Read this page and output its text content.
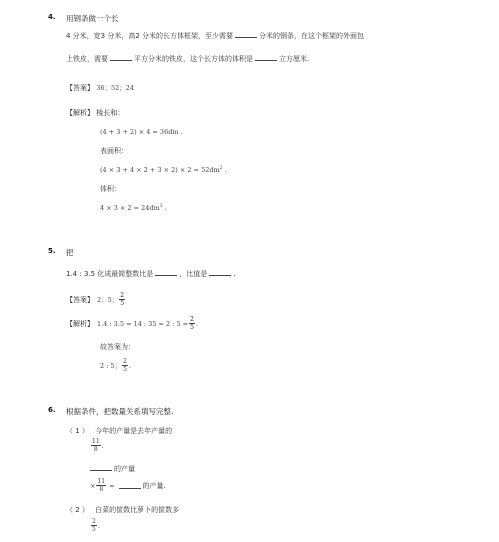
4. 用钢条做一个长
4 分米，宽3 分米，高2 分米的长方体框架，至少需要	分米的钢条，在这个框架的外面包
上铁皮，需要	平方分米的铁皮，这个长方体的体积是	立方厘米.
【答案】 36；52；24
【解析】 棱长和：
(4 + 3 + 2) × 4 = 36dm .
表面积：
$(4 \times 3 + 4 \times 2 + 3 \times 2) \times 2 = 52dm^2$ .
体积：
$4 \times 3 \times 2 = 24dm^3$ .
5. 把
1.4 : 3.5 化成最简整数比是	，比值是	.
【答案】 2：5； $\frac{2}{5}$
【解析】 1.4 : 3.5 = 14 : 35 = 2 : $5 = \frac{2}{5}$ .
故答案为：
2 : 5； $\frac{2}{5}$ .
6. 根据条件，把数量关系填写完整.
（ 1 ） 今年的产量是去年产量的
$\frac{11}{8}$ .
的产量
× $\frac{11}{8}$ =	的产量.
（ 2 ） 白菜的筐数比萝卜的筐数多
$\frac{2}{5}$ .
